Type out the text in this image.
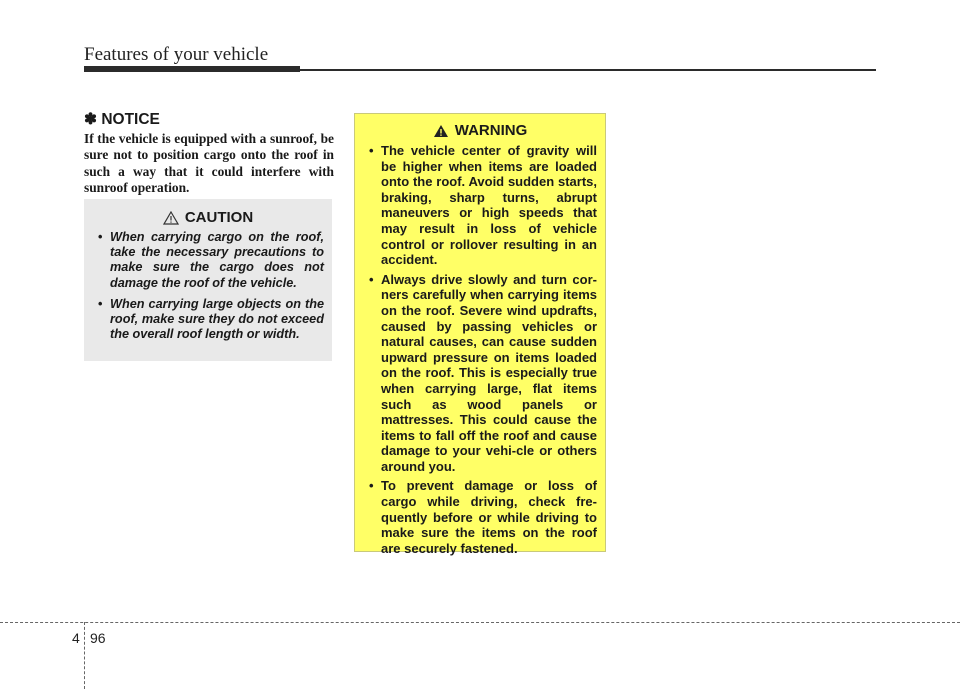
Features of your vehicle
✽ NOTICE
If the vehicle is equipped with a sunroof, be sure not to position cargo onto the roof in such a way that it could interfere with sunroof operation.
CAUTION
• When carrying cargo on the roof, take the necessary precautions to make sure the cargo does not damage the roof of the vehicle.
• When carrying large objects on the roof, make sure they do not exceed the overall roof length or width.
WARNING
• The vehicle center of gravity will be higher when items are loaded onto the roof. Avoid sudden starts, braking, sharp turns, abrupt maneuvers or high speeds that may result in loss of vehicle control or rollover resulting in an accident.
• Always drive slowly and turn cor-ners carefully when carrying items on the roof. Severe wind updrafts, caused by passing vehicles or natural causes, can cause sudden upward pressure on items loaded on the roof. This is especially true when carrying large, flat items such as wood panels or mattresses. This could cause the items to fall off the roof and cause damage to your vehi-cle or others around you.
• To prevent damage or loss of cargo while driving, check fre-quently before or while driving to make sure the items on the roof are securely fastened.
4 96
